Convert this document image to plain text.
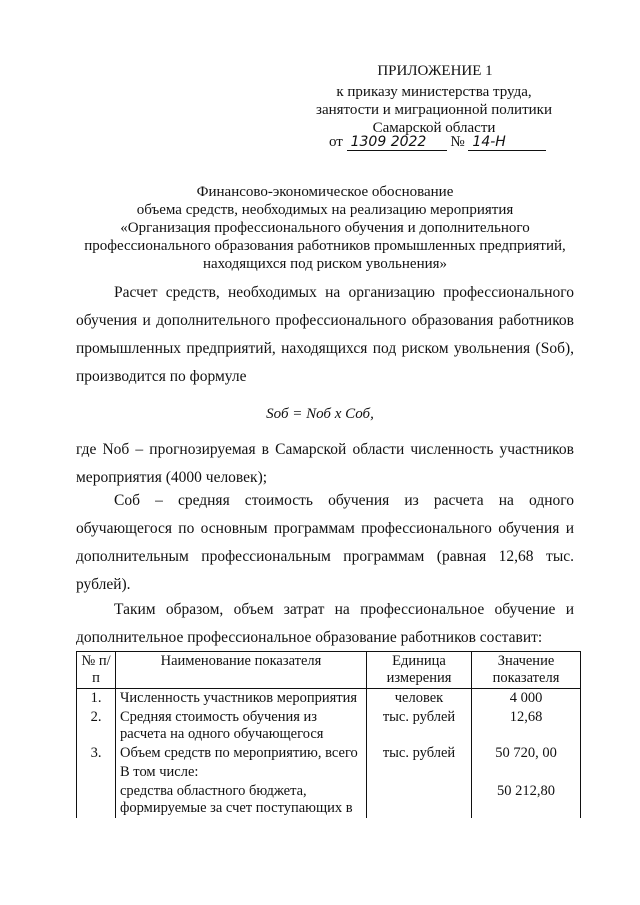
ПРИЛОЖЕНИЕ 1
к приказу министерства труда,
занятости и миграционной политики
Самарской области
от 1309 2022 № 14-Н
Финансово-экономическое обоснование
объема средств, необходимых на реализацию мероприятия
«Организация профессионального обучения и дополнительного
профессионального образования работников промышленных предприятий,
находящихся под риском увольнения»
Расчет средств, необходимых на организацию профессионального обучения и дополнительного профессионального образования работников промышленных предприятий, находящихся под риском увольнения (Sоб), производится по формуле
Sоб = Nоб х Соб,
где Nоб – прогнозируемая в Самарской области численность участников мероприятия (4000 человек);
Соб – средняя стоимость обучения из расчета на одного обучающегося по основным программам профессионального обучения и дополнительным профессиональным программам (равная 12,68 тыс. рублей).
Таким образом, объем затрат на профессиональное обучение и дополнительное профессиональное образование работников составит:
№ п/п	Наименование показателя	Единица измерения	Значение показателя
1.	Численность участников мероприятия	человек	4 000
2.	Средняя стоимость обучения из расчета на одного обучающегося	тыс. рублей	12,68
3.	Объем средств по мероприятию, всего	тыс. рублей	50 720, 00
	В том числе:		
	средства областного бюджета, формируемые за счет поступающих в		50 212,80
